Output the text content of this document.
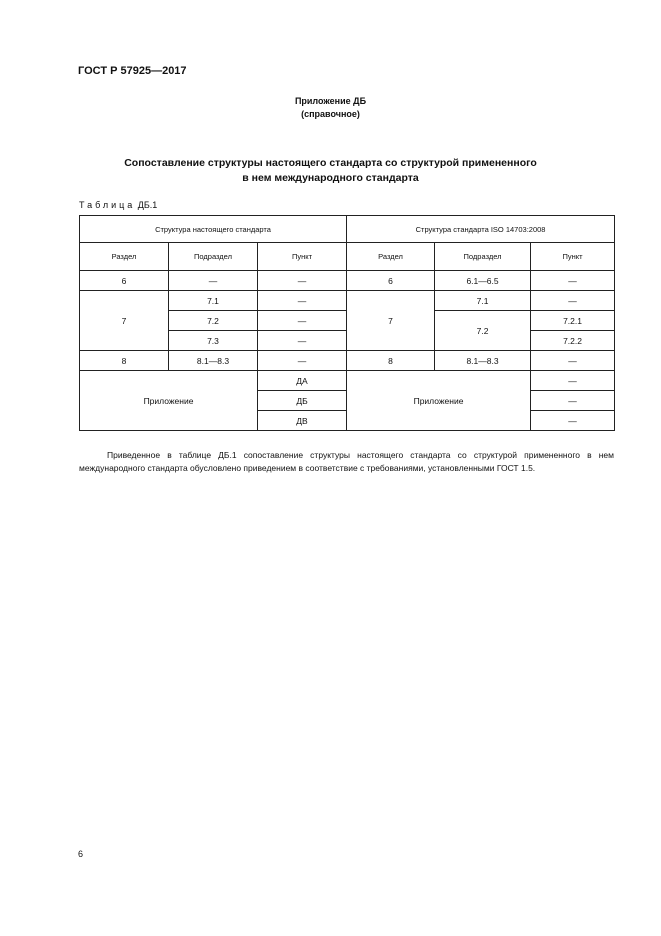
ГОСТ Р 57925—2017
Приложение ДБ
(справочное)
Сопоставление структуры настоящего стандарта со структурой примененного
в нем международного стандарта
Таблица ДБ.1
Структура настоящего стандарта			Структура стандарта ISO 14703:2008		
Раздел	Подраздел	Пункт	Раздел	Подраздел	Пункт
6	—	—	6	6.1—6.5	—
7	7.1	—	7	7.1	—
	7.2	—		7.2	7.2.1
	7.3	—			7.2.2
8	8.1—8.3	—	8	8.1—8.3	—
Приложение		ДА	Приложение		—
		ДБ			—
		ДВ			—

Приведенное в таблице ДБ.1 сопоставление структуры настоящего стандарта со структурой примененного в нем международного стандарта обусловлено приведением в соответствие с требованиями, установленными ГОСТ 1.5.

6
